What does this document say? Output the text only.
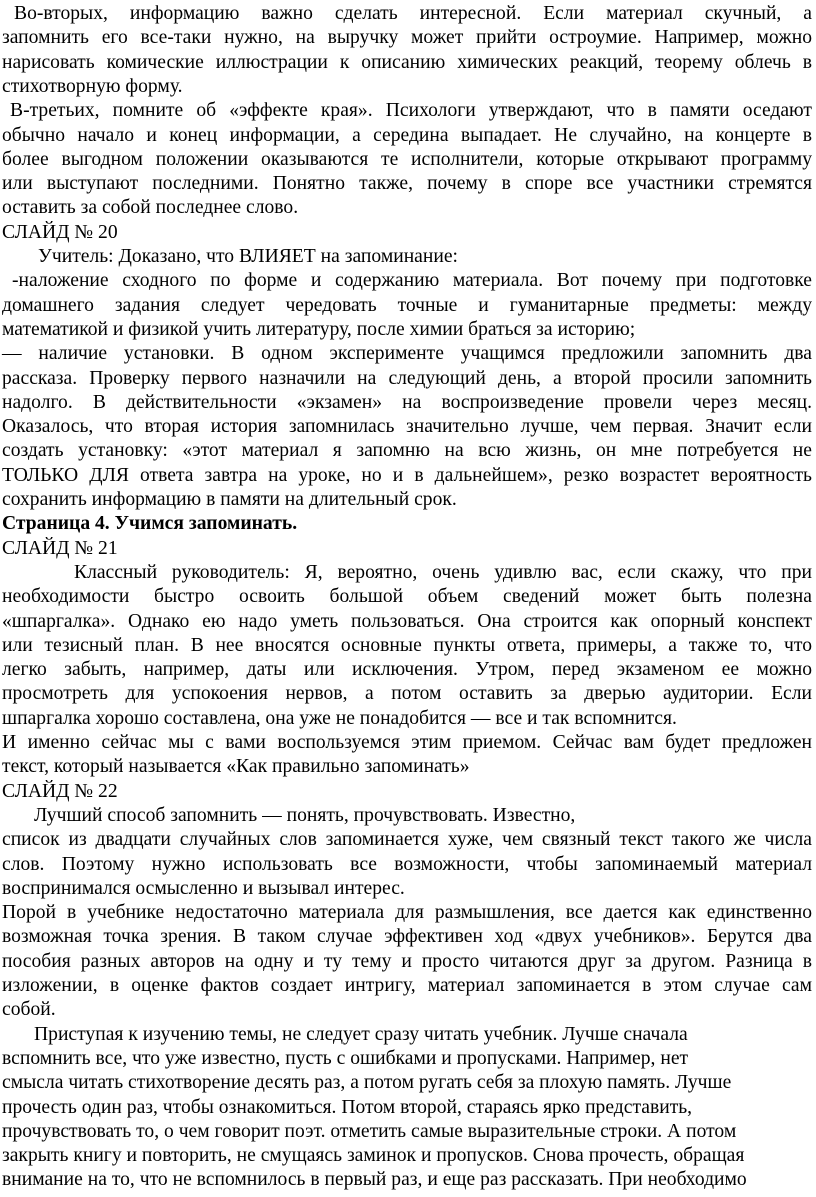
Во-вторых, информацию важно сделать интересной. Если материал скучный, а
запомнить его все-таки нужно, на выручку может прийти остроумие. Например, можно
нарисовать комические иллюстрации к описанию химических реакций, теорему облечь в
стихотворную форму.
В-третьих, помните об «эффекте края». Психологи утверждают, что в памяти оседают
обычно начало и конец информации, а середина выпадает. Не случайно, на концерте в
более выгодном положении оказываются те исполнители, которые открывают программу
или выступают последними. Понятно также, почему в споре все участники стремятся
оставить за собой последнее слово.
СЛАЙД № 20
Учитель: Доказано, что ВЛИЯЕТ на запоминание:
-наложение сходного по форме и содержанию материала. Вот почему при подготовке
домашнего задания следует чередовать точные и гуманитарные предметы: между
математикой и физикой учить литературу, после химии браться за историю;
— наличие установки. В одном эксперименте учащимся предложили запомнить два
рассказа. Проверку первого назначили на следующий день, а второй просили запомнить
надолго. В действительности «экзамен» на воспроизведение провели через месяц.
Оказалось, что вторая история запомнилась значительно лучше, чем первая. Значит если
создать установку: «этот материал я запомню на всю жизнь, он мне потребуется не
ТОЛЬКО ДЛЯ ответа завтра на уроке, но и в дальнейшем», резко возрастет вероятность
сохранить информацию в памяти на длительный срок.
Страница 4. Учимся запоминать.
СЛАЙД № 21
Классный руководитель: Я, вероятно, очень удивлю вас, если скажу, что при
необходимости быстро освоить большой объем сведений может быть полезна
«шпаргалка». Однако ею надо уметь пользоваться. Она строится как опорный конспект
или тезисный план. В нее вносятся основные пункты ответа, примеры, а также то, что
легко забыть, например, даты или исключения. Утром, перед экзаменом ее можно
просмотреть для успокоения нервов, а потом оставить за дверью аудитории. Если
шпаргалка хорошо составлена, она уже не понадобится — все и так вспомнится.
И именно сейчас мы с вами воспользуемся этим приемом. Сейчас вам будет предложен
текст, который называется «Как правильно запоминать»
СЛАЙД № 22
Лучший способ запомнить — понять, прочувствовать. Известно,
список из двадцати случайных слов запоминается хуже, чем связный текст такого же числа
слов. Поэтому нужно использовать все возможности, чтобы запоминаемый материал
воспринимался осмысленно и вызывал интерес.
Порой в учебнике недостаточно материала для размышления, все дается как единственно
возможная точка зрения. В таком случае эффективен ход «двух учебников». Берутся два
пособия разных авторов на одну и ту тему и просто читаются друг за другом. Разница в
изложении, в оценке фактов создает интригу, материал запоминается в этом случае сам
собой.
Приступая к изучению темы, не следует сразу читать учебник. Лучше сначала
вспомнить все, что уже известно, пусть с ошибками и пропусками. Например, нет
смысла читать стихотворение десять раз, а потом ругать себя за плохую память. Лучше
прочесть один раз, чтобы ознакомиться. Потом второй, стараясь ярко представить,
прочувствовать то, о чем говорит поэт. отметить самые выразительные строки. А потом
закрыть книгу и повторить, не смущаясь заминок и пропусков. Снова прочесть, обращая
внимание на то, что не вспомнилось в первый раз, и еще раз рассказать. При необходимо
